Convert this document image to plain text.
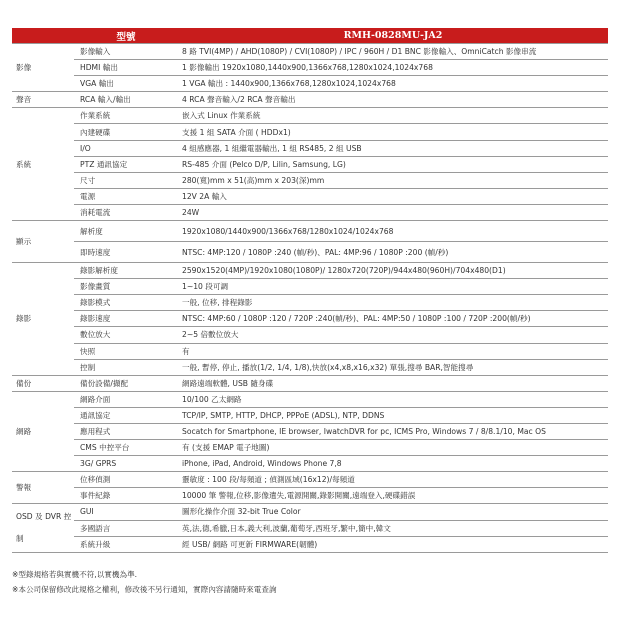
	型號	RMH-0828MU-JA2
影像	影像輸入	8 路 TVI(4MP) / AHD(1080P) / CVI(1080P) / IPC / 960H / D1 BNC 影像輸入、OmniCatch 影像串流
	HDMI 輸出	1 影像輸出 1920x1080,1440x900,1366x768,1280x1024,1024x768
	VGA 輸出	1 VGA 輸出 : 1440x900,1366x768,1280x1024,1024x768
聲音	RCA 輸入/輸出	4 RCA 聲音輸入/2 RCA 聲音輸出
系統	作業系統	嵌入式 Linux 作業系統
	內建硬碟	支援 1 組 SATA 介面 ( HDDx1)
	I/O	4 組感應器, 1 組繼電器輸出, 1 組 RS485, 2 組 USB
	PTZ 通訊協定	RS-485 介面 (Pelco D/P, Lilin, Samsung, LG)
	尺寸	280(寬)mm x 51(高)mm x 203(深)mm
	電源	12V 2A 輸入
	消耗電流	24W
顯示	解析度	1920x1080/1440x900/1366x768/1280x1024/1024x768
	即時速度	NTSC: 4MP:120 / 1080P :240 (幀/秒)、PAL: 4MP:96 / 1080P :200 (幀/秒)
錄影	錄影解析度	2590x1520(4MP)/1920x1080(1080P)/ 1280x720(720P)/944x480(960H)/704x480(D1)
	影像畫質	1~10 段可調
	錄影模式	一般, 位移, 排程錄影
	錄影速度	NTSC: 4MP:60 / 1080P :120 / 720P :240(幀/秒)、PAL: 4MP:50 / 1080P :100 / 720P :200(幀/秒)
	數位放大	2~5 倍數位放大
	快照	有
	控制	一般, 暫停, 停止, 播放(1/2, 1/4, 1/8),快放(x4,x8,x16,x32) 單張,搜尋 BAR,智能搜尋
備份	備份設備/擷配	網路遠端軟體, USB 隨身碟
網路	網路介面	10/100 乙太網路
	通訊協定	TCP/IP, SMTP, HTTP, DHCP, PPPoE (ADSL), NTP, DDNS
	應用程式	Socatch for Smartphone, IE browser, IwatchDVR for pc, ICMS Pro, Windows 7 / 8/8.1/10, Mac OS
	CMS 中控平台	有 (支援 EMAP 電子地圖)
	3G/ GPRS	iPhone, iPad, Android, Windows Phone 7,8
警報	位移偵測	靈敏度 : 100 段/每頻道 ; 偵測區域(16x12)/每頻道
	事件紀錄	10000 筆 警報,位移,影像遺失,電源開關,錄影開關,遠端登入,硬碟錯誤
OSD 及 DVR 控制	GUI	圖形化操作介面 32-bit True Color
	多國語言	英,法,德,希臘,日本,義大利,波蘭,葡萄牙,西班牙,繁中,簡中,韓文
	系統升級	經 USB/ 網路 可更新 FIRMWARE(韌體)
※型錄規格若與實機不符,以實機為準.
※本公司保留修改此規格之權利，修改後不另行通知，實際內容請隨時來電查詢
